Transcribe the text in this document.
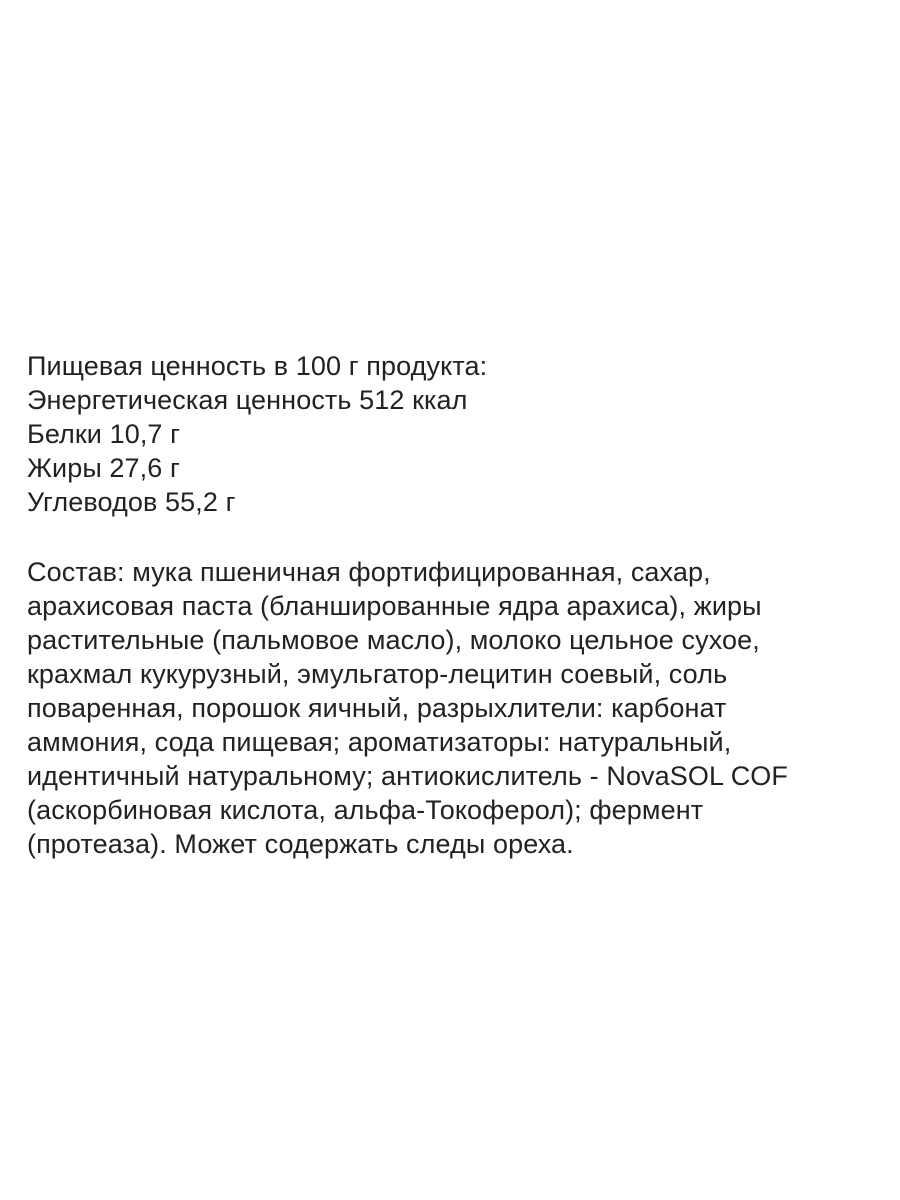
Пищевая ценность в 100 г продукта:
Энергетическая ценность 512 ккал
Белки 10,7 г
Жиры 27,6 г
Углеводов 55,2 г
Состав: мука пшеничная фортифицированная, сахар,
арахисовая паста (бланшированные ядра арахиса), жиры
растительные (пальмовое масло), молоко цельное сухое,
крахмал кукурузный, эмульгатор-лецитин соевый, соль
поваренная, порошок яичный, разрыхлители: карбонат
аммония, сода пищевая; ароматизаторы: натуральный,
идентичный натуральному; антиокислитель - NovaSOL COF
(аскорбиновая кислота, альфа-Токоферол); фермент
(протеаза). Может содержать следы ореха.
